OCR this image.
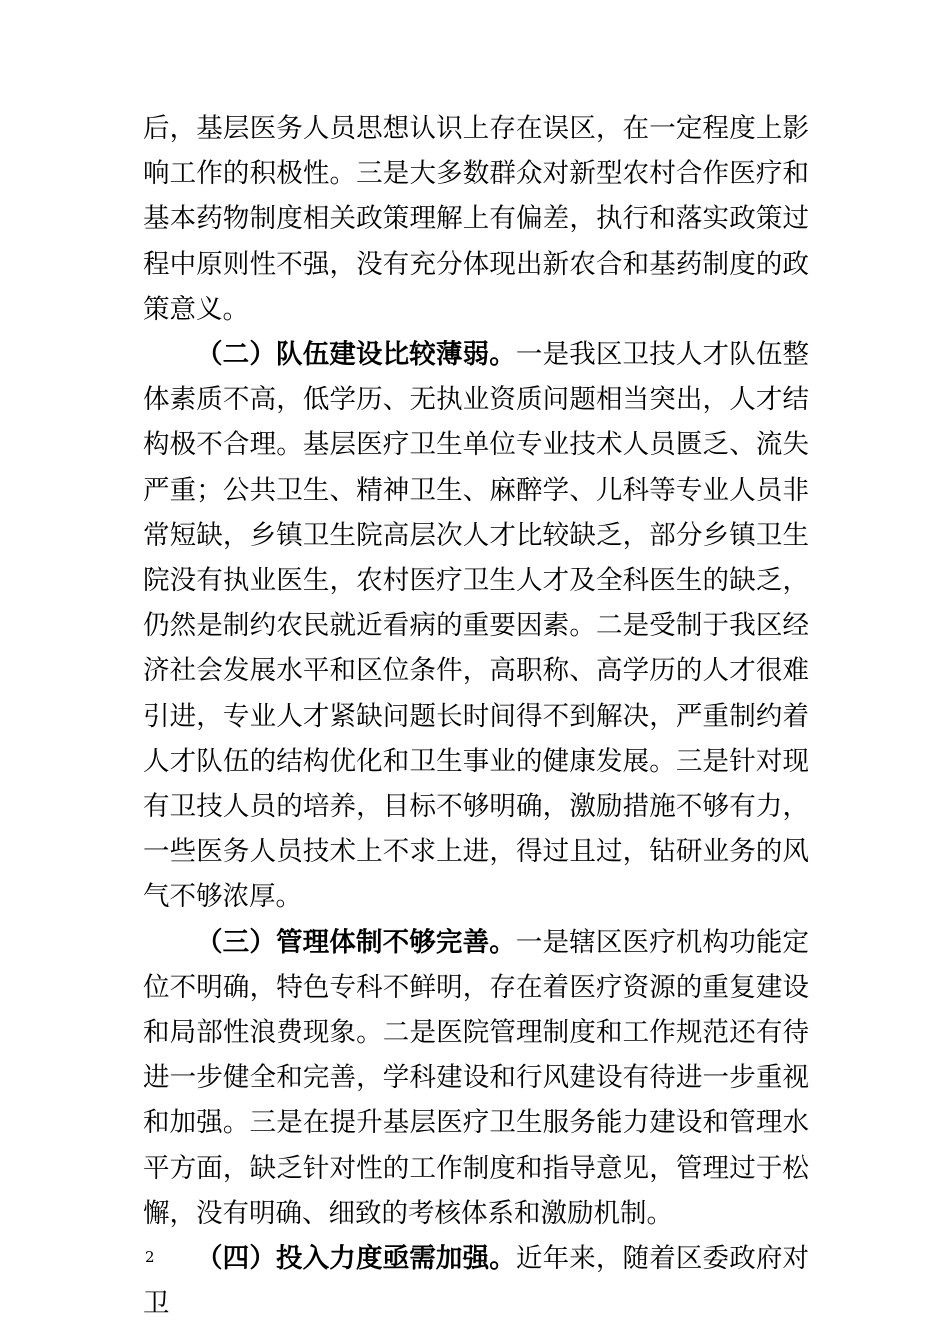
后，基层医务人员思想认识上存在误区，在一定程度上影响工作的积极性。三是大多数群众对新型农村合作医疗和基本药物制度相关政策理解上有偏差，执行和落实政策过程中原则性不强，没有充分体现出新农合和基药制度的政策意义。

（二）队伍建设比较薄弱。一是我区卫技人才队伍整体素质不高，低学历、无执业资质问题相当突出，人才结构极不合理。基层医疗卫生单位专业技术人员匮乏、流失严重；公共卫生、精神卫生、麻醉学、儿科等专业人员非常短缺，乡镇卫生院高层次人才比较缺乏，部分乡镇卫生院没有执业医生，农村医疗卫生人才及全科医生的缺乏，仍然是制约农民就近看病的重要因素。二是受制于我区经济社会发展水平和区位条件，高职称、高学历的人才很难引进，专业人才紧缺问题长时间得不到解决，严重制约着人才队伍的结构优化和卫生事业的健康发展。三是针对现有卫技人员的培养，目标不够明确，激励措施不够有力，一些医务人员技术上不求上进，得过且过，钻研业务的风气不够浓厚。

（三）管理体制不够完善。一是辖区医疗机构功能定位不明确，特色专科不鲜明，存在着医疗资源的重复建设和局部性浪费现象。二是医院管理制度和工作规范还有待进一步健全和完善，学科建设和行风建设有待进一步重视和加强。三是在提升基层医疗卫生服务能力建设和管理水平方面，缺乏针对性的工作制度和指导意见，管理过于松懈，没有明确、细致的考核体系和激励机制。

（四）投入力度亟需加强。近年来，随着区委政府对卫

2
